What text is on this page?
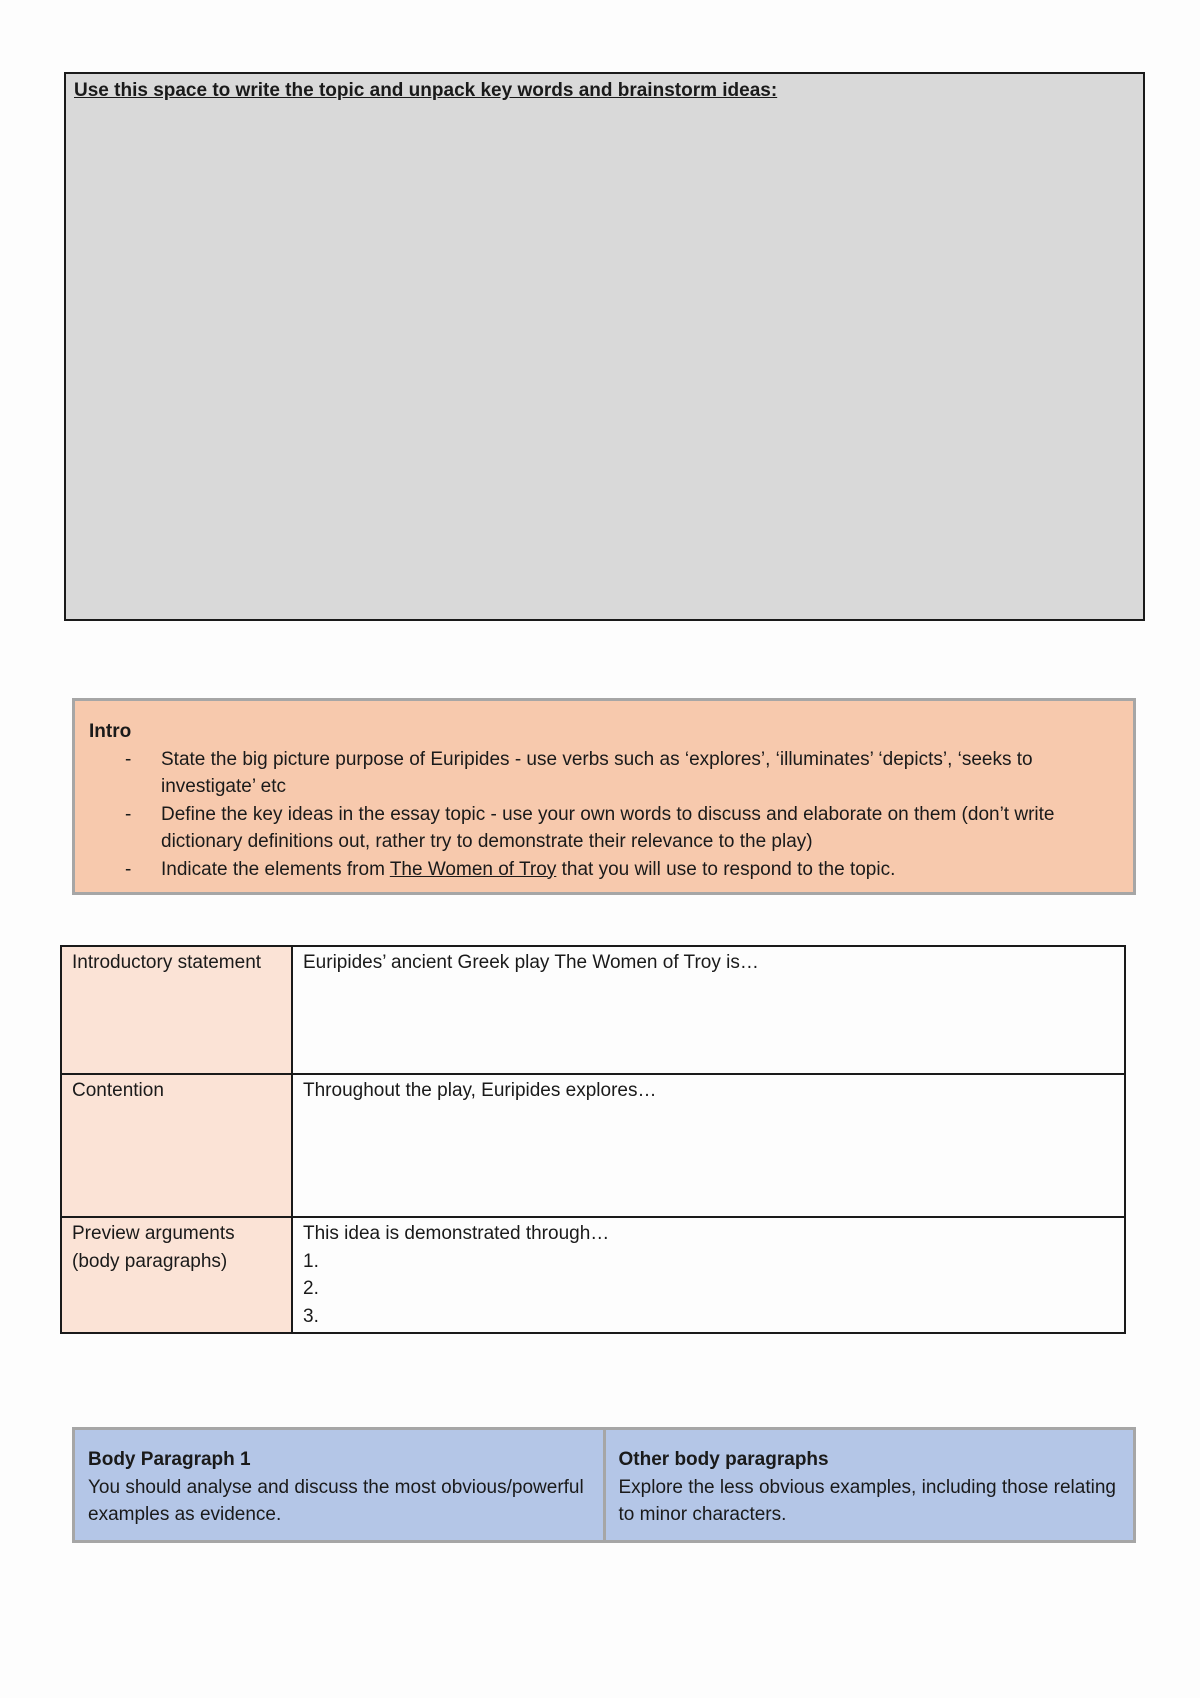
Use this space to write the topic and unpack key words and brainstorm ideas:
Intro
- State the big picture purpose of Euripides - use verbs such as ‘explores’, ‘illuminates’ ‘depicts’, ‘seeks to investigate’ etc
- Define the key ideas in the essay topic - use your own words to discuss and elaborate on them (don’t write dictionary definitions out, rather try to demonstrate their relevance to the play)
- Indicate the elements from The Women of Troy that you will use to respond to the topic.
Introductory statement	Euripides’ ancient Greek play The Women of Troy is…
Contention	Throughout the play, Euripides explores…
Preview arguments (body paragraphs)	This idea is demonstrated through…
1.
2.
3.
Body Paragraph 1
You should analyse and discuss the most obvious/powerful examples as evidence.

Other body paragraphs
Explore the less obvious examples, including those relating to minor characters.
